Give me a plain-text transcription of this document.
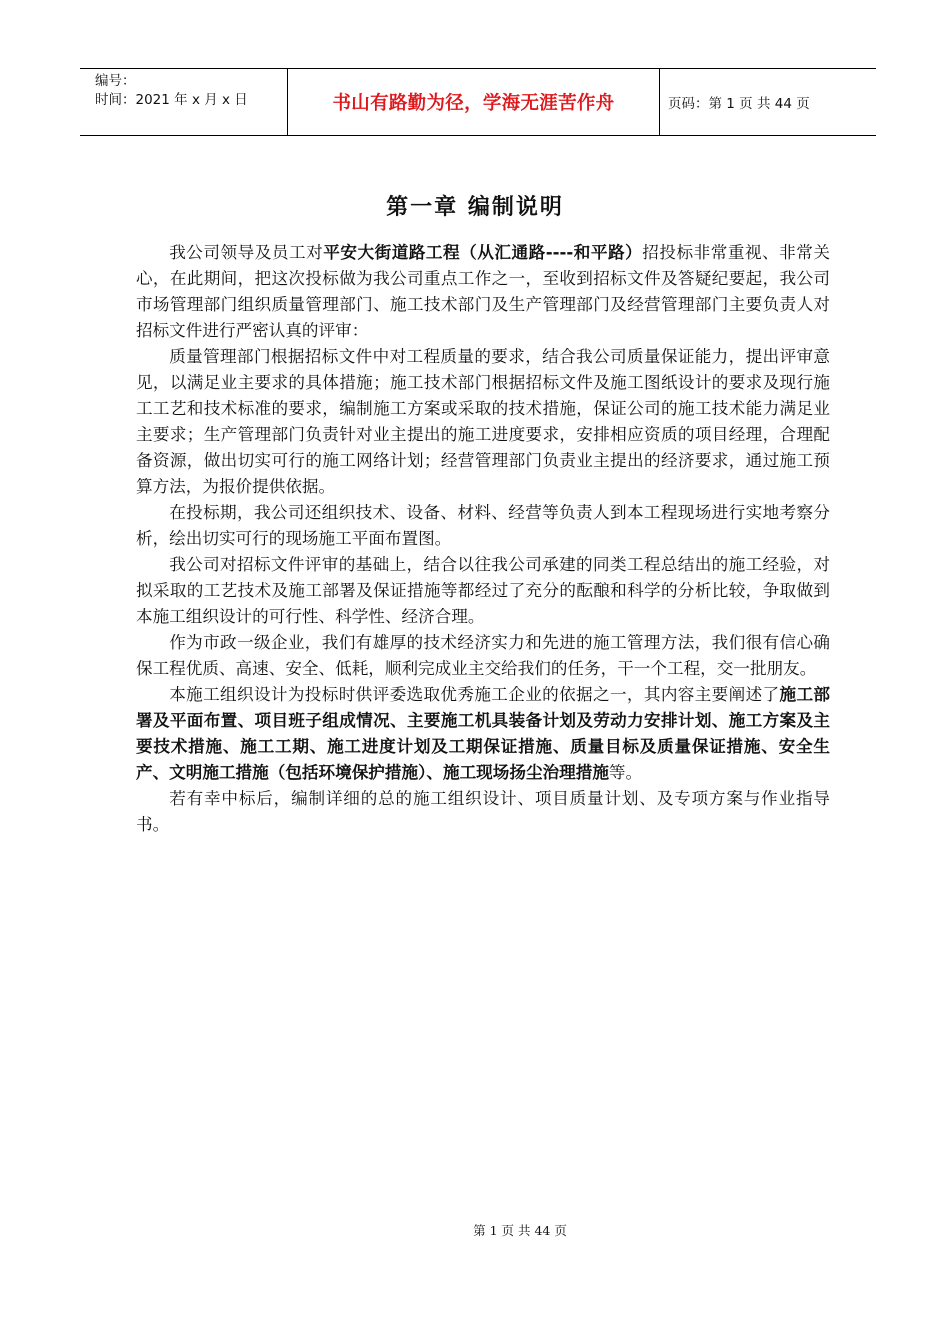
编号：
时间：2021 年 x 月 x 日	书山有路勤为径，学海无涯苦作舟	页码：第 1 页 共 44 页
第一章 编制说明

我公司领导及员工对平安大街道路工程（从汇通路----和平路）招投标非常重视、非常关心，在此期间，把这次投标做为我公司重点工作之一，至收到招标文件及答疑纪要起，我公司市场管理部门组织质量管理部门、施工技术部门及生产管理部门及经营管理部门主要负责人对招标文件进行严密认真的评审：

质量管理部门根据招标文件中对工程质量的要求，结合我公司质量保证能力，提出评审意见，以满足业主要求的具体措施；施工技术部门根据招标文件及施工图纸设计的要求及现行施工工艺和技术标准的要求，编制施工方案或采取的技术措施，保证公司的施工技术能力满足业主要求；生产管理部门负责针对业主提出的施工进度要求，安排相应资质的项目经理，合理配备资源，做出切实可行的施工网络计划；经营管理部门负责业主提出的经济要求，通过施工预算方法，为报价提供依据。

在投标期，我公司还组织技术、设备、材料、经营等负责人到本工程现场进行实地考察分析，绘出切实可行的现场施工平面布置图。

我公司对招标文件评审的基础上，结合以往我公司承建的同类工程总结出的施工经验，对拟采取的工艺技术及施工部署及保证措施等都经过了充分的酝酿和科学的分析比较，争取做到本施工组织设计的可行性、科学性、经济合理。

作为市政一级企业，我们有雄厚的技术经济实力和先进的施工管理方法，我们很有信心确保工程优质、高速、安全、低耗，顺利完成业主交给我们的任务，干一个工程，交一批朋友。

本施工组织设计为投标时供评委选取优秀施工企业的依据之一，其内容主要阐述了施工部署及平面布置、项目班子组成情况、主要施工机具装备计划及劳动力安排计划、施工方案及主要技术措施、施工工期、施工进度计划及工期保证措施、质量目标及质量保证措施、安全生产、文明施工措施（包括环境保护措施）、施工现场扬尘治理措施等。

若有幸中标后，编制详细的总的施工组织设计、项目质量计划、及专项方案与作业指导书。

第 1 页 共 44 页
